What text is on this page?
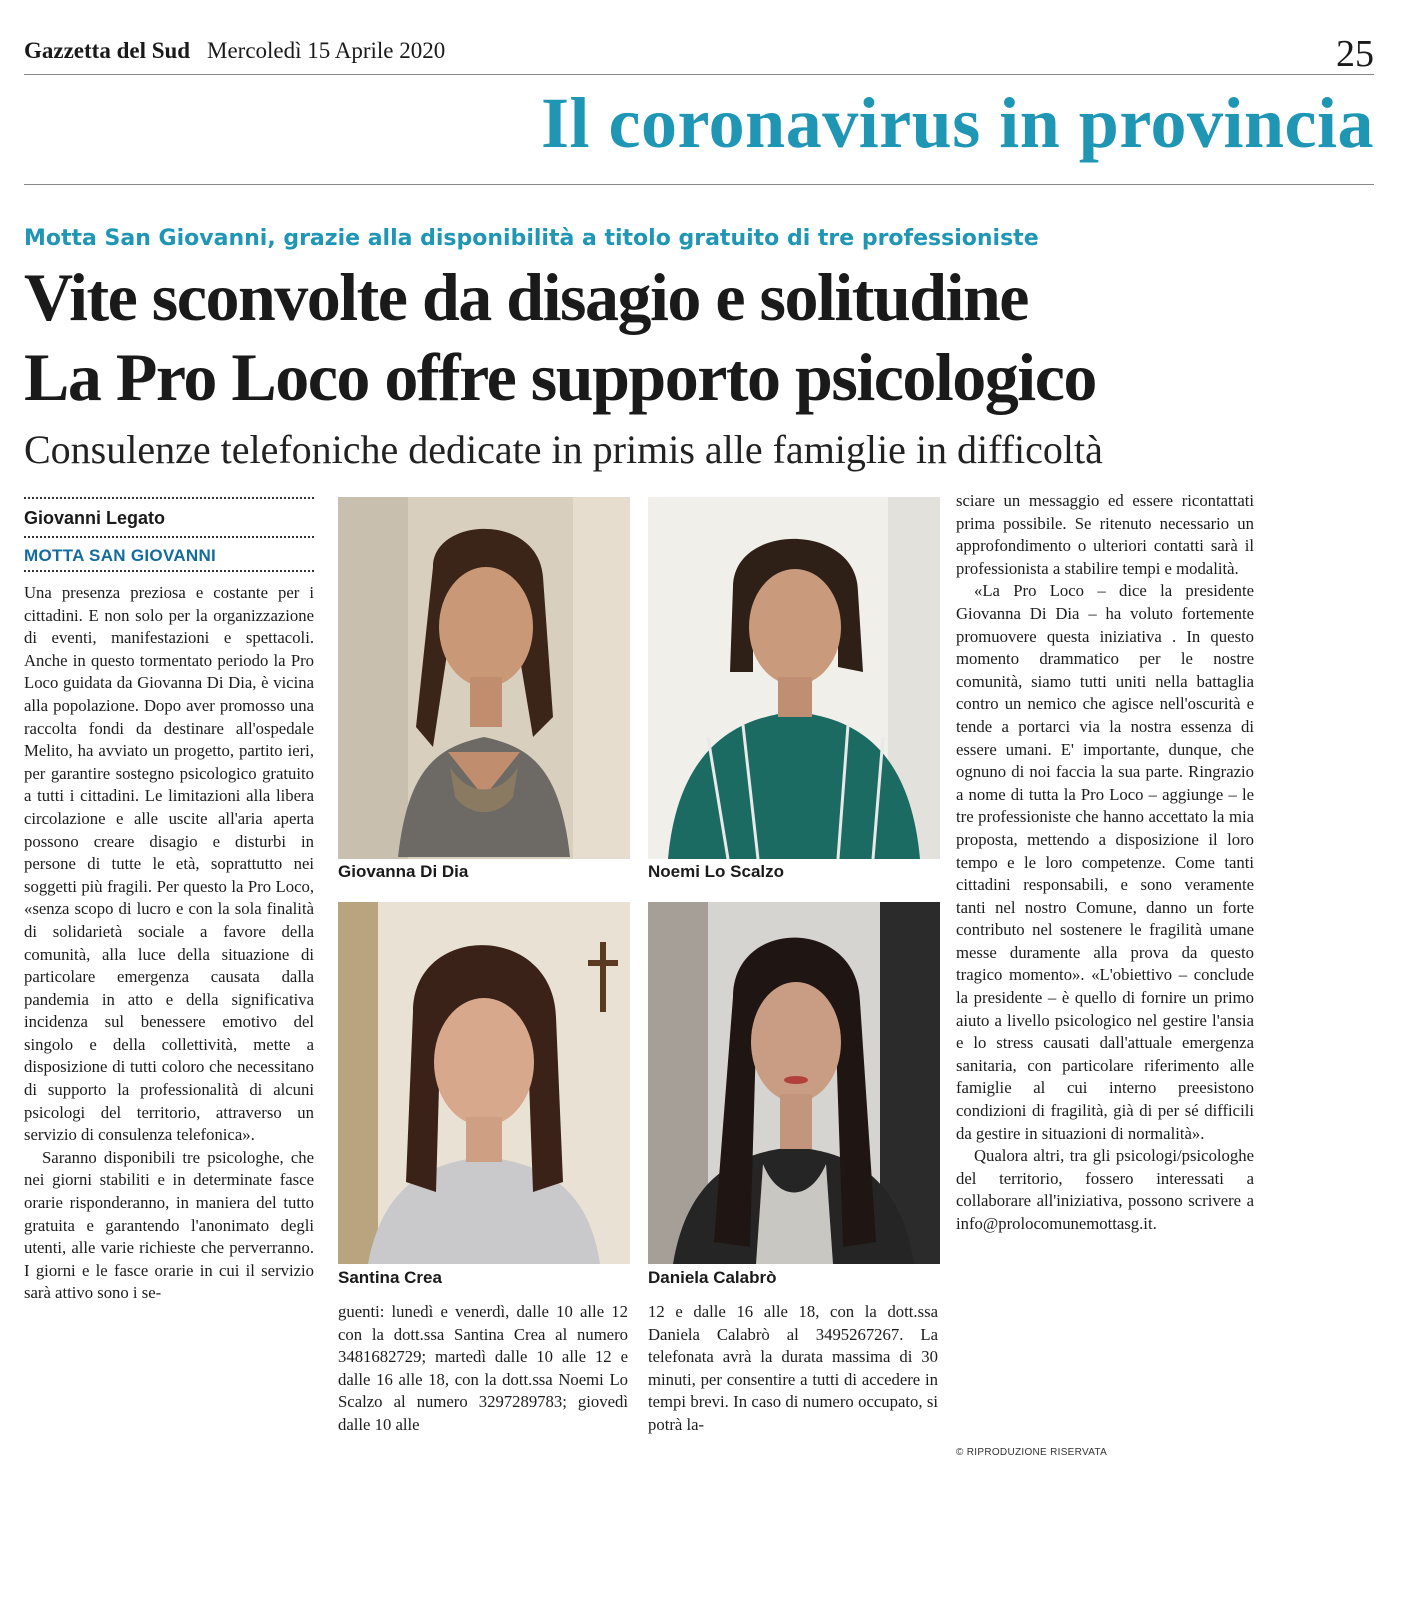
Gazzetta del Sud Mercoledì 15 Aprile 2020	25
Il coronavirus in provincia
Motta San Giovanni, grazie alla disponibilità a titolo gratuito di tre professioniste
Vite sconvolte da disagio e solitudine
La Pro Loco offre supporto psicologico
Consulenze telefoniche dedicate in primis alle famiglie in difficoltà
Giovanni Legato
MOTTA SAN GIOVANNI

Una presenza preziosa e costante per i cittadini. E non solo per la organizzazione di eventi, manifestazioni e spettacoli. Anche in questo tormentato periodo la Pro Loco guidata da Giovanna Di Dia, è vicina alla popolazione. Dopo aver promosso una raccolta fondi da destinare all'ospedale Melito, ha avviato un progetto, partito ieri, per garantire sostegno psicologico gratuito a tutti i cittadini. Le limitazioni alla libera circolazione e alle uscite all'aria aperta possono creare disagio e disturbi in persone di tutte le età, soprattutto nei soggetti più fragili. Per questo la Pro Loco, «senza scopo di lucro e con la sola finalità di solidarietà sociale a favore della comunità, alla luce della situazione di particolare emergenza causata dalla pandemia in atto e della significativa incidenza sul benessere emotivo del singolo e della collettività, mette a disposizione di tutti coloro che necessitano di supporto la professionalità di alcuni psicologi del territorio, attraverso un servizio di consulenza telefonica».

Saranno disponibili tre psicologhe, che nei giorni stabiliti e in determinate fasce orarie risponderanno, in maniera del tutto gratuita e garantendo l'anonimato degli utenti, alle varie richieste che perverranno. I giorni e le fasce orarie in cui il servizio sarà attivo sono i se-

Giovanna Di Dia	Noemi Lo Scalzo
Santina Crea	Daniela Calabrò

guenti: lunedì e venerdì, dalle 10 alle 12 con la dott.ssa Santina Crea al numero 3481682729; martedì dalle 10 alle 12 e dalle 16 alle 18, con la dott.ssa Noemi Lo Scalzo al numero 3297289783; giovedì dalle 10 alle

12 e dalle 16 alle 18, con la dott.ssa Daniela Calabrò al 3495267267. La telefonata avrà la durata massima di 30 minuti, per consentire a tutti di accedere in tempi brevi. In caso di numero occupato, si potrà la-

sciare un messaggio ed essere ricontattati prima possibile. Se ritenuto necessario un approfondimento o ulteriori contatti sarà il professionista a stabilire tempi e modalità.

«La Pro Loco – dice la presidente Giovanna Di Dia – ha voluto fortemente promuovere questa iniziativa . In questo momento drammatico per le nostre comunità, siamo tutti uniti nella battaglia contro un nemico che agisce nell'oscurità e tende a portarci via la nostra essenza di essere umani. E' importante, dunque, che ognuno di noi faccia la sua parte. Ringrazio a nome di tutta la Pro Loco – aggiunge – le tre professioniste che hanno accettato la mia proposta, mettendo a disposizione il loro tempo e le loro competenze. Come tanti cittadini responsabili, e sono veramente tanti nel nostro Comune, danno un forte contributo nel sostenere le fragilità umane messe duramente alla prova da questo tragico momento». «L'obiettivo – conclude la presidente – è quello di fornire un primo aiuto a livello psicologico nel gestire l'ansia e lo stress causati dall'attuale emergenza sanitaria, con particolare riferimento alle famiglie al cui interno preesistono condizioni di fragilità, già di per sé difficili da gestire in situazioni di normalità».

Qualora altri, tra gli psicologi/psicologhe del territorio, fossero interessati a collaborare all'iniziativa, possono scrivere a info@prolocomunemottasg.it.

© RIPRODUZIONE RISERVATA
